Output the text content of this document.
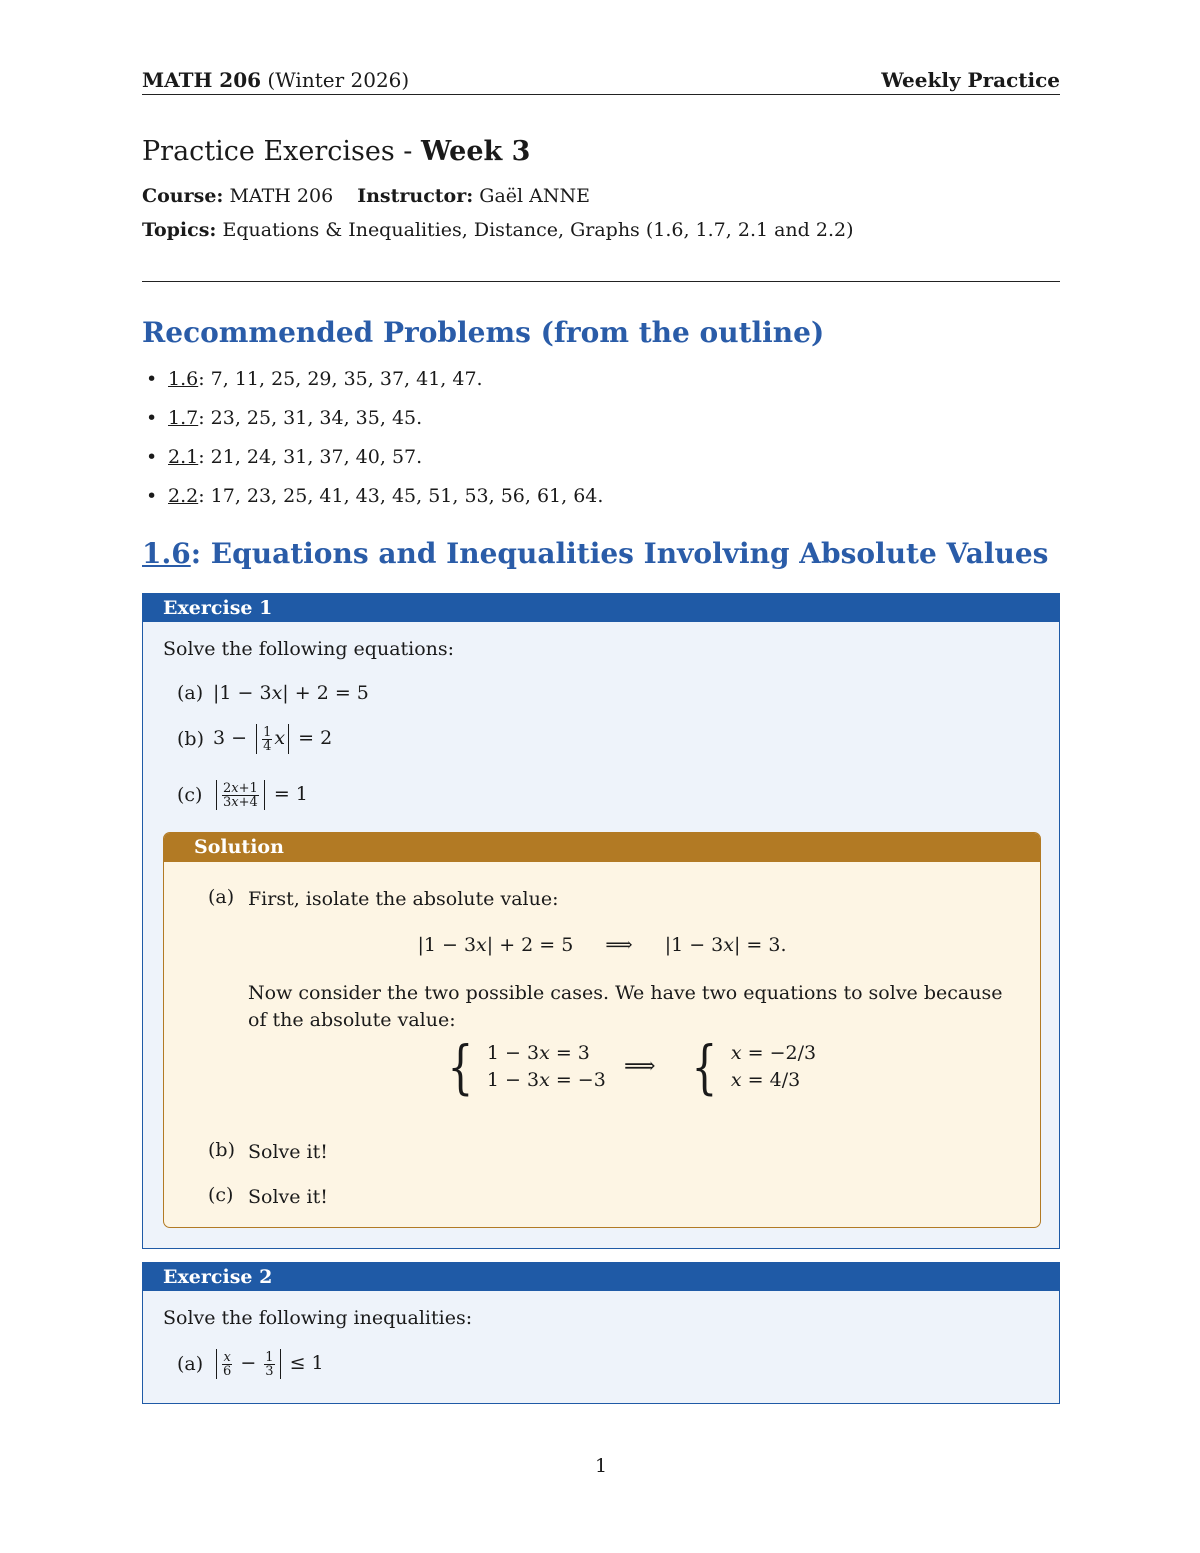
MATH 206 (Winter 2026)	Weekly Practice
Practice Exercises - Week 3
Course: MATH 206 Instructor: Gaël ANNE
Topics: Equations & Inequalities, Distance, Graphs (1.6, 1.7, 2.1 and 2.2)
Recommended Problems (from the outline)
• 1.6: 7, 11, 25, 29, 35, 37, 41, 47.
• 1.7: 23, 25, 31, 34, 35, 45.
• 2.1: 21, 24, 31, 37, 40, 57.
• 2.2: 17, 23, 25, 41, 43, 45, 51, 53, 56, 61, 64.
1.6: Equations and Inequalities Involving Absolute Values
Exercise 1
Solve the following equations:
(a) |1 − 3x| + 2 = 5
(b) $3 - \frac{1}{4}$ x = 2
(c)	$\frac{2x+1}{3x+4} = 1$
Solution
(a) First, isolate the absolute value:
|1 − 3x| + 2 = 5 ⟹ |1 − 3x| = 3.
Now consider the two possible cases. We have two equations to solve because of the absolute value:
{ 1 − 3x = 3
1 − 3x = −3
⟹ { x = −2/3
x = 4/3
(b) Solve it!
(c) Solve it!
Exercise 2
Solve the following inequalities:
(a)	$\frac{x}{6} - \frac{1}{3} \le 1$
1
